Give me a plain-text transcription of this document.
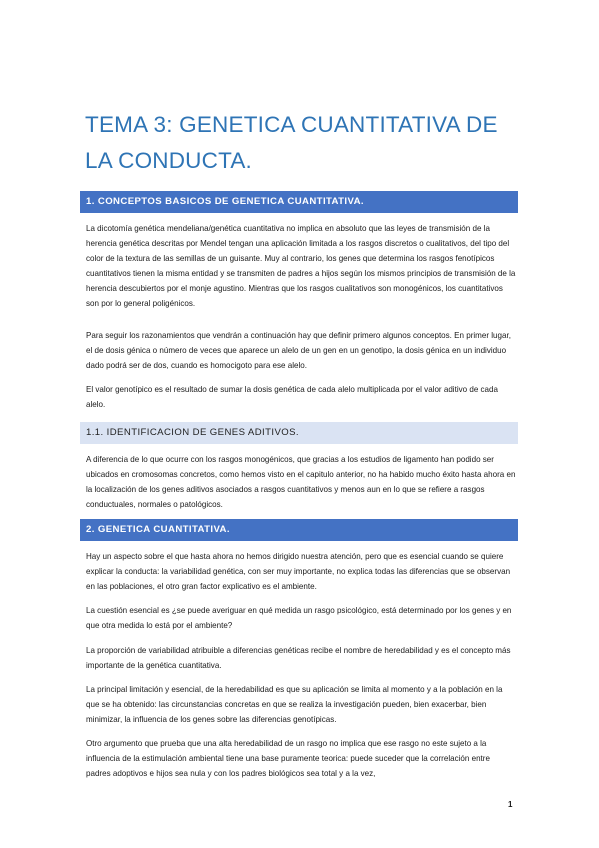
TEMA 3: GENETICA CUANTITATIVA DE LA CONDUCTA.
1. CONCEPTOS BASICOS DE GENETICA CUANTITATIVA.
La dicotomía genética mendeliana/genética cuantitativa no implica en absoluto que las leyes de transmisión de la herencia genética descritas por Mendel tengan una aplicación limitada a los rasgos discretos o cualitativos, del tipo del color de la textura de las semillas de un guisante. Muy al contrario, los genes que determina los rasgos fenotípicos cuantitativos tienen la misma entidad y se transmiten de padres a hijos según los mismos principios de transmisión de la herencia descubiertos por el monje agustino. Mientras que los rasgos cualitativos son monogénicos, los cuantitativos son por lo general poligénicos.
Para seguir los razonamientos que vendrán a continuación hay que definir primero algunos conceptos. En primer lugar, el de dosis génica o número de veces que aparece un alelo de un gen en un genotipo, la dosis génica en un individuo dado podrá ser de dos, cuando es homocigoto para ese alelo.
El valor genotípico es el resultado de sumar la dosis genética de cada alelo multiplicada por el valor aditivo de cada alelo.
1.1. IDENTIFICACION DE GENES ADITIVOS.
A diferencia de lo que ocurre con los rasgos monogénicos, que gracias a los estudios de ligamento han podido ser ubicados en cromosomas concretos, como hemos visto en el capitulo anterior, no ha habido mucho éxito hasta ahora en la localización de los genes aditivos asociados a rasgos cuantitativos y menos aun en lo que se refiere a rasgos conductuales, normales o patológicos.
2. GENETICA CUANTITATIVA.
Hay un aspecto sobre el que hasta ahora no hemos dirigido nuestra atención, pero que es esencial cuando se quiere explicar la conducta: la variabilidad genética, con ser muy importante, no explica todas las diferencias que se observan en las poblaciones, el otro gran factor explicativo es el ambiente.
La cuestión esencial es ¿se puede averiguar en qué medida un rasgo psicológico, está determinado por los genes y en que otra medida lo está por el ambiente?
La proporción de variabilidad atribuible a diferencias genéticas recibe el nombre de heredabilidad y es el concepto más importante de la genética cuantitativa.
La principal limitación y esencial, de la heredabilidad es que su aplicación se limita al momento y a la población en la que se ha obtenido: las circunstancias concretas en que se realiza la investigación pueden, bien exacerbar, bien minimizar, la influencia de los genes sobre las diferencias genotípicas.
Otro argumento que prueba que una alta heredabilidad de un rasgo no implica que ese rasgo no este sujeto a la influencia de la estimulación ambiental tiene una base puramente teorica: puede suceder que la correlación entre padres adoptivos e hijos sea nula y con los padres biológicos sea total y a la vez,
1
